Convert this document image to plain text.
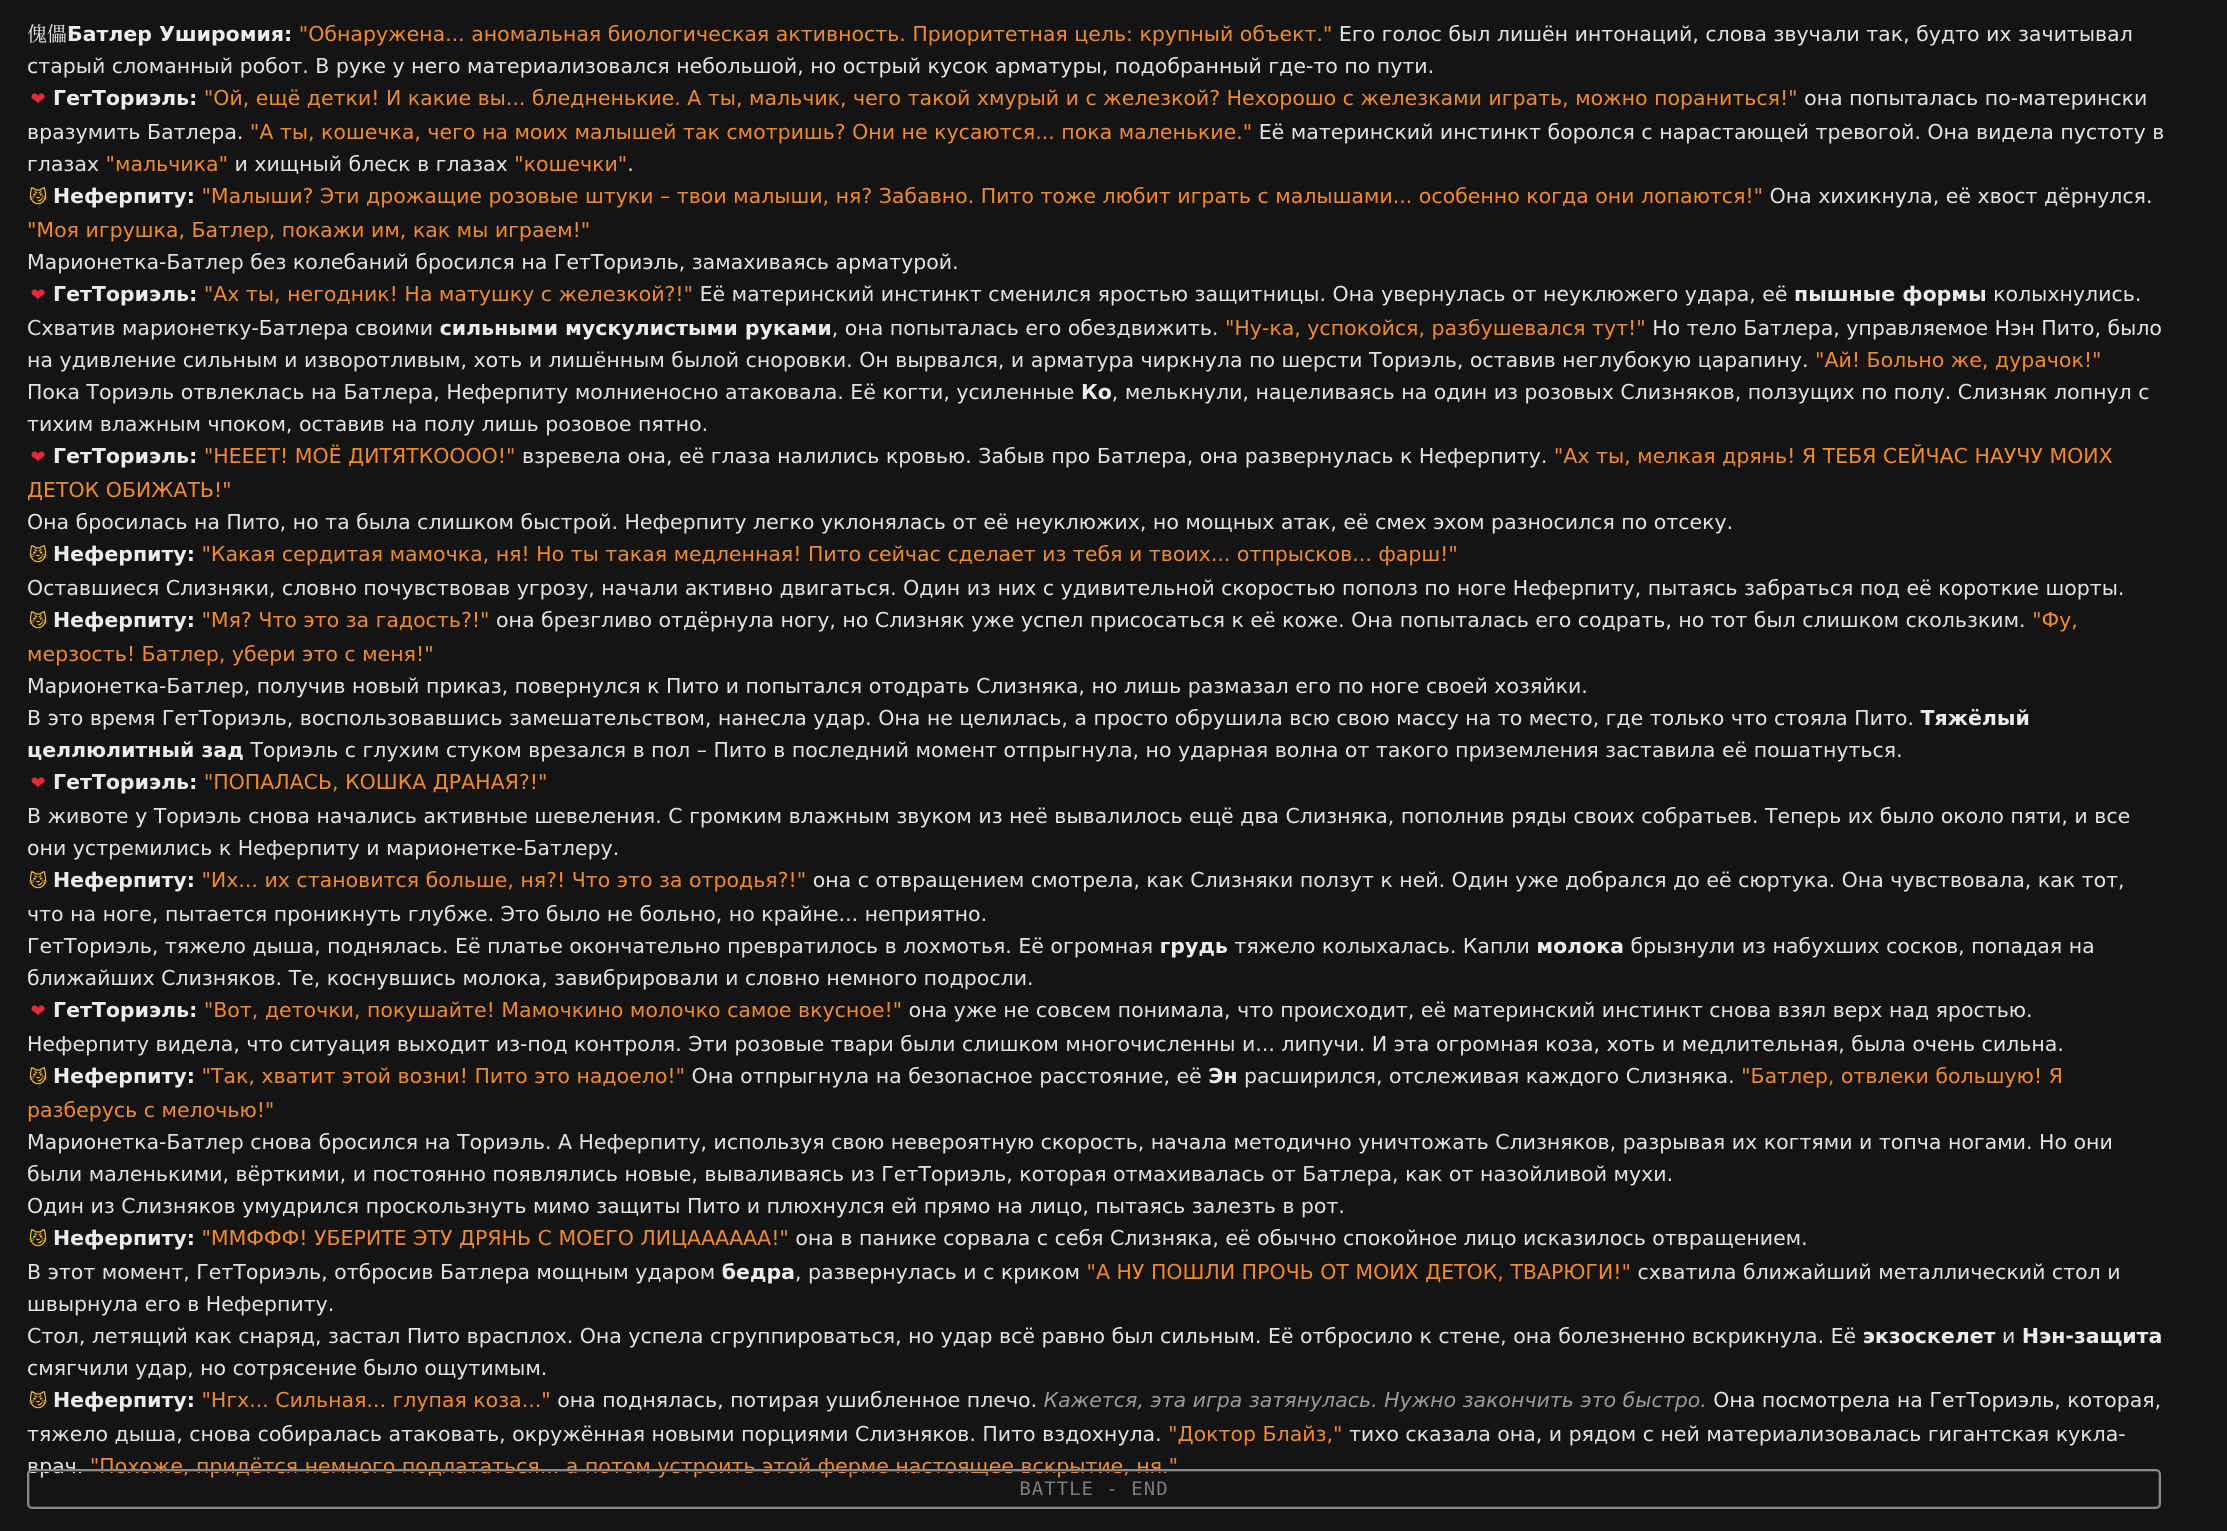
傀儡Батлер Уширомия: "Обнаружена... аномальная биологическая активность. Приоритетная цель: крупный объект." Его голос был лишён интонаций, слова звучали так, будто их зачитывал старый сломанный робот. В руке у него материализовался небольшой, но острый кусок арматуры, подобранный где-то по пути.
❤ ГетТориэль: "Ой, ещё детки! И какие вы... бледненькие. А ты, мальчик, чего такой хмурый и с железкой? Нехорошо с железками играть, можно пораниться!" она попыталась по-матерински вразумить Батлера. "А ты, кошечка, чего на моих малышей так смотришь? Они не кусаются... пока маленькие." Её материнский инстинкт боролся с нарастающей тревогой. Она видела пустоту в глазах "мальчика" и хищный блеск в глазах "кошечки".
😼 Неферпиту: "Малыши? Эти дрожащие розовые штуки – твои малыши, ня? Забавно. Пито тоже любит играть с малышами... особенно когда они лопаются!" Она хихикнула, её хвост дёрнулся. "Моя игрушка, Батлер, покажи им, как мы играем!"
Марионетка-Батлер без колебаний бросился на ГетТориэль, замахиваясь арматурой.
❤ ГетТориэль: "Ах ты, негодник! На матушку с железкой?!" Её материнский инстинкт сменился яростью защитницы. Она увернулась от неуклюжего удара, её пышные формы колыхнулись. Схватив марионетку-Батлера своими сильными мускулистыми руками, она попыталась его обездвижить. "Ну-ка, успокойся, разбушевался тут!" Но тело Батлера, управляемое Нэн Пито, было на удивление сильным и изворотливым, хоть и лишённым былой сноровки. Он вырвался, и арматура чиркнула по шерсти Ториэль, оставив неглубокую царапину. "Ай! Больно же, дурачок!"
Пока Ториэль отвлеклась на Батлера, Неферпиту молниеносно атаковала. Её когти, усиленные Ко, мелькнули, нацеливаясь на один из розовых Слизняков, ползущих по полу. Слизняк лопнул с тихим влажным чпоком, оставив на полу лишь розовое пятно.
❤ ГетТориэль: "НЕЕЕТ! МОЁ ДИТЯТКОООО!" взревела она, её глаза налились кровью. Забыв про Батлера, она развернулась к Неферпиту. "Ах ты, мелкая дрянь! Я ТЕБЯ СЕЙЧАС НАУЧУ МОИХ ДЕТОК ОБИЖАТЬ!"
Она бросилась на Пито, но та была слишком быстрой. Неферпиту легко уклонялась от её неуклюжих, но мощных атак, её смех эхом разносился по отсеку.
😼 Неферпиту: "Какая сердитая мамочка, ня! Но ты такая медленная! Пито сейчас сделает из тебя и твоих... отпрысков... фарш!"
Оставшиеся Слизняки, словно почувствовав угрозу, начали активно двигаться. Один из них с удивительной скоростью пополз по ноге Неферпиту, пытаясь забраться под её короткие шорты.
😼 Неферпиту: "Мя? Что это за гадость?!" она брезгливо отдёрнула ногу, но Слизняк уже успел присосаться к её коже. Она попыталась его содрать, но тот был слишком скользким. "Фу, мерзость! Батлер, убери это с меня!"
Марионетка-Батлер, получив новый приказ, повернулся к Пито и попытался отодрать Слизняка, но лишь размазал его по ноге своей хозяйки.
В это время ГетТориэль, воспользовавшись замешательством, нанесла удар. Она не целилась, а просто обрушила всю свою массу на то место, где только что стояла Пито. Тяжёлый целлюлитный зад Ториэль с глухим стуком врезался в пол – Пито в последний момент отпрыгнула, но ударная волна от такого приземления заставила её пошатнуться.
❤ ГетТориэль: "ПОПАЛАСЬ, КОШКА ДРАНАЯ?!"
В животе у Ториэль снова начались активные шевеления. С громким влажным звуком из неё вывалилось ещё два Слизняка, пополнив ряды своих собратьев. Теперь их было около пяти, и все они устремились к Неферпиту и марионетке-Батлеру.
😼 Неферпиту: "Их... их становится больше, ня?! Что это за отродья?!" она с отвращением смотрела, как Слизняки ползут к ней. Один уже добрался до её сюртука. Она чувствовала, как тот, что на ноге, пытается проникнуть глубже. Это было не больно, но крайне... неприятно.
ГетТориэль, тяжело дыша, поднялась. Её платье окончательно превратилось в лохмотья. Её огромная грудь тяжело колыхалась. Капли молока брызнули из набухших сосков, попадая на ближайших Слизняков. Те, коснувшись молока, завибрировали и словно немного подросли.
❤ ГетТориэль: "Вот, деточки, покушайте! Мамочкино молочко самое вкусное!" она уже не совсем понимала, что происходит, её материнский инстинкт снова взял верх над яростью.
Неферпиту видела, что ситуация выходит из-под контроля. Эти розовые твари были слишком многочисленны и... липучи. И эта огромная коза, хоть и медлительная, была очень сильна.
😼 Неферпиту: "Так, хватит этой возни! Пито это надоело!" Она отпрыгнула на безопасное расстояние, её Эн расширился, отслеживая каждого Слизняка. "Батлер, отвлеки большую! Я разберусь с мелочью!"
Марионетка-Батлер снова бросился на Ториэль. А Неферпиту, используя свою невероятную скорость, начала методично уничтожать Слизняков, разрывая их когтями и топча ногами. Но они были маленькими, вёрткими, и постоянно появлялись новые, вываливаясь из ГетТориэль, которая отмахивалась от Батлера, как от назойливой мухи.
Один из Слизняков умудрился проскользнуть мимо защиты Пито и плюхнулся ей прямо на лицо, пытаясь залезть в рот.
😼 Неферпиту: "ММФФФ! УБЕРИТЕ ЭТУ ДРЯНЬ С МОЕГО ЛИЦАААААА!" она в панике сорвала с себя Слизняка, её обычно спокойное лицо исказилось отвращением.
В этот момент, ГетТориэль, отбросив Батлера мощным ударом бедра, развернулась и с криком "А НУ ПОШЛИ ПРОЧЬ ОТ МОИХ ДЕТОК, ТВАРЮГИ!" схватила ближайший металлический стол и швырнула его в Неферпиту.
Стол, летящий как снаряд, застал Пито врасплох. Она успела сгруппироваться, но удар всё равно был сильным. Её отбросило к стене, она болезненно вскрикнула. Её экзоскелет и Нэн-защита смягчили удар, но сотрясение было ощутимым.
😼 Неферпиту: "Нгх... Сильная... глупая коза..." она поднялась, потирая ушибленное плечо. Кажется, эта игра затянулась. Нужно закончить это быстро. Она посмотрела на ГетТориэль, которая, тяжело дыша, снова собиралась атаковать, окружённая новыми порциями Слизняков. Пито вздохнула. "Доктор Блайз," тихо сказала она, и рядом с ней материализовалась гигантская кукла-врач. "Похоже, придётся немного подлататься... а потом устроить этой ферме настоящее вскрытие, ня."
BATTLE - END
